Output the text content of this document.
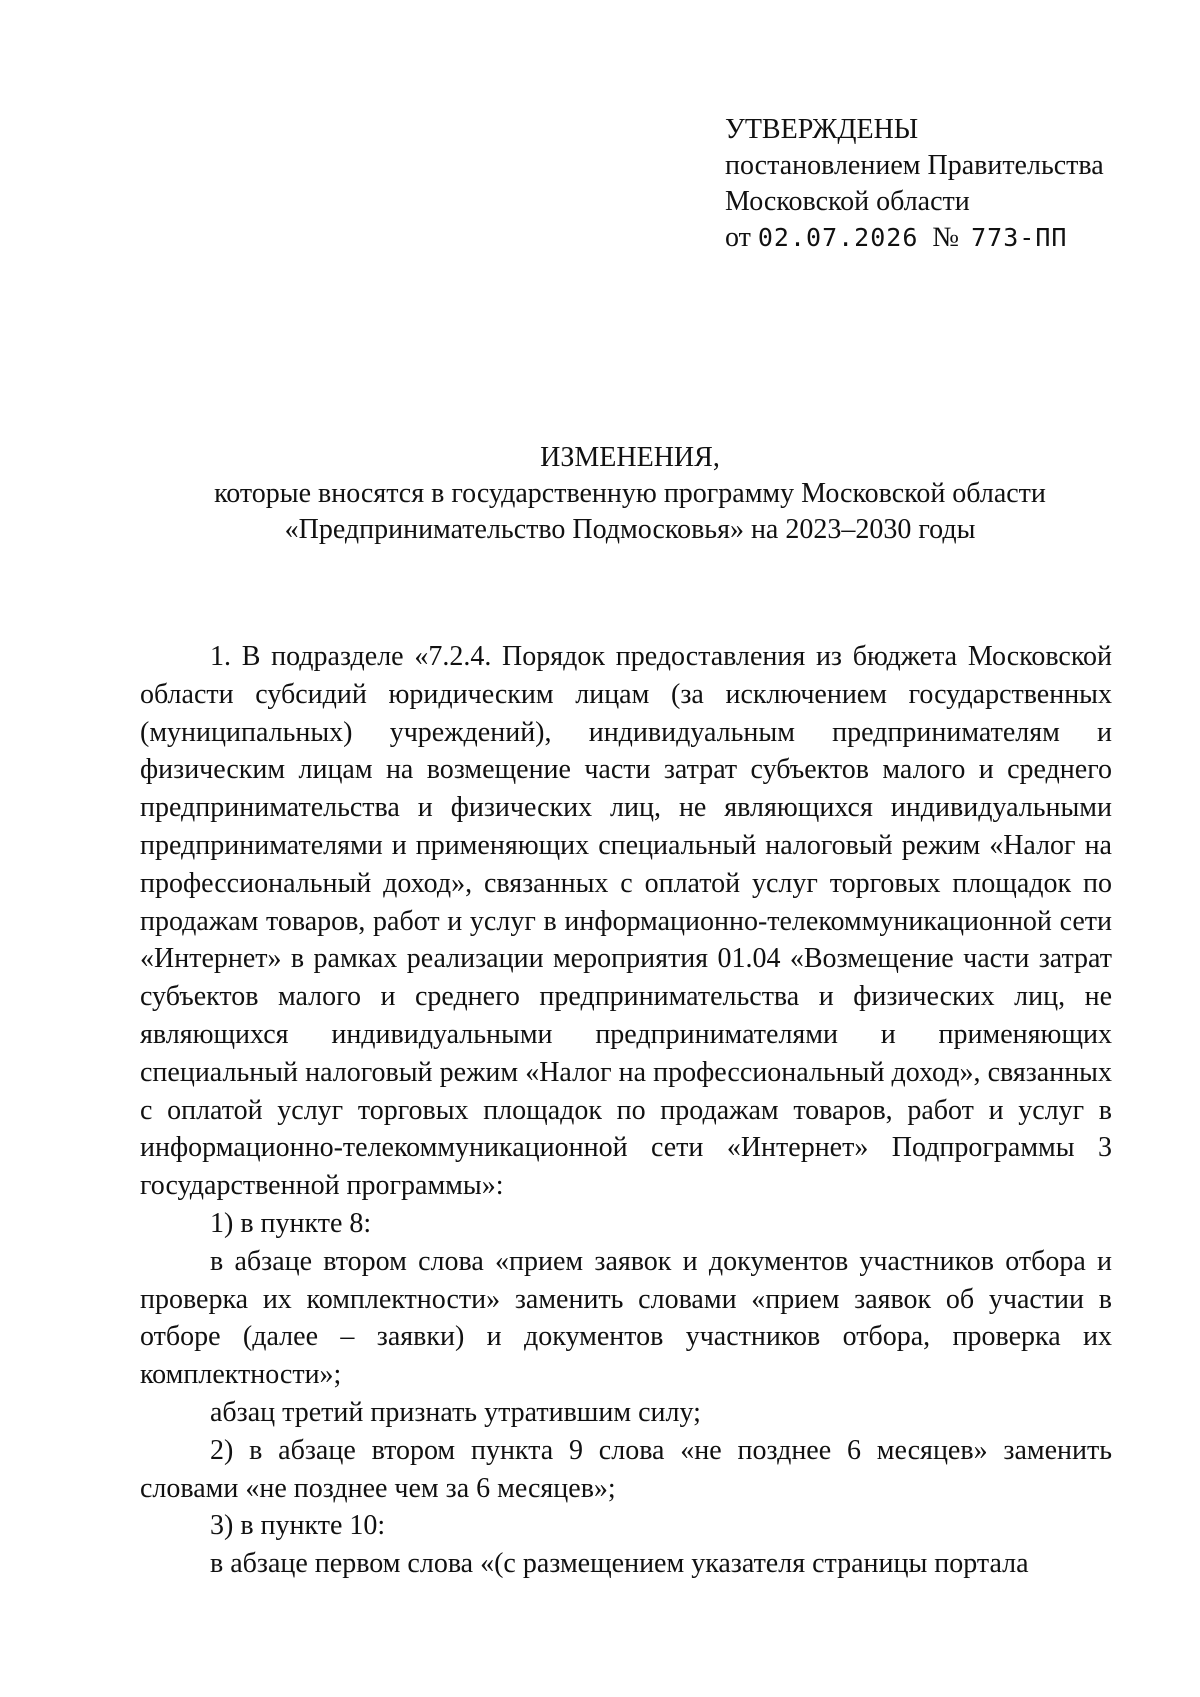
УТВЕРЖДЕНЫ
постановлением Правительства
Московской области
от 02.07.2026 № 773-ПП
ИЗМЕНЕНИЯ,
которые вносятся в государственную программу Московской области
«Предпринимательство Подмосковья» на 2023–2030 годы

1. В подразделе «7.2.4. Порядок предоставления из бюджета Московской области субсидий юридическим лицам (за исключением государственных (муниципальных) учреждений), индивидуальным предпринимателям и физическим лицам на возмещение части затрат субъектов малого и среднего предпринимательства и физических лиц, не являющихся индивидуальными предпринимателями и применяющих специальный налоговый режим «Налог на профессиональный доход», связанных с оплатой услуг торговых площадок по продажам товаров, работ и услуг в информационно-телекоммуникационной сети «Интернет» в рамках реализации мероприятия 01.04 «Возмещение части затрат субъектов малого и среднего предпринимательства и физических лиц, не являющихся индивидуальными предпринимателями и применяющих специальный налоговый режим «Налог на профессиональный доход», связанных с оплатой услуг торговых площадок по продажам товаров, работ и услуг в информационно-телекоммуникационной сети «Интернет» Подпрограммы 3 государственной программы»:

1) в пункте 8:

в абзаце втором слова «прием заявок и документов участников отбора и проверка их комплектности» заменить словами «прием заявок об участии в отборе (далее – заявки) и документов участников отбора, проверка их комплектности»;

абзац третий признать утратившим силу;

2) в абзаце втором пункта 9 слова «не позднее 6 месяцев» заменить словами «не позднее чем за 6 месяцев»;

3) в пункте 10:

в абзаце первом слова «(с размещением указателя страницы портала
